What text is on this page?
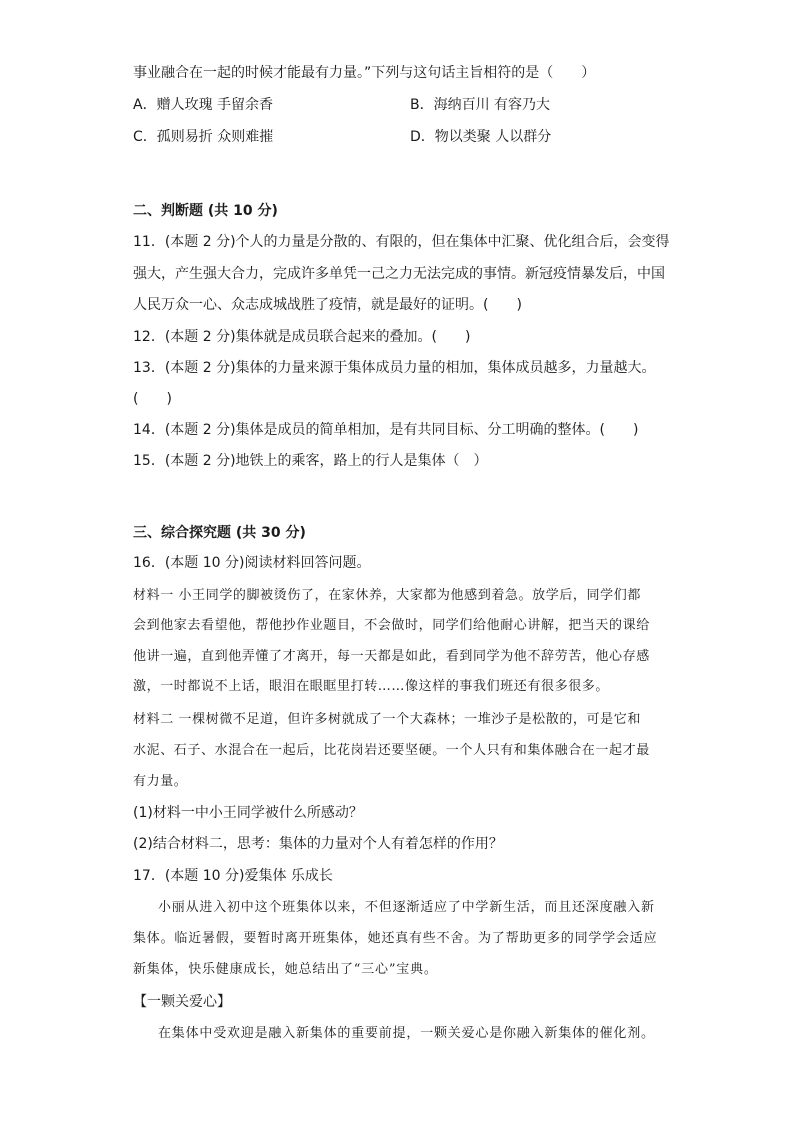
事业融合在一起的时候才能最有力量。”下列与这句话主旨相符的是（　　）
A．赠人玫瑰 手留余香	B．海纳百川 有容乃大
C．孤则易折 众则难摧	D．物以类聚 人以群分
二、判断题 (共 10 分)
11．(本题 2 分)个人的力量是分散的、有限的，但在集体中汇聚、优化组合后，会变得
强大，产生强大合力，完成许多单凭一己之力无法完成的事情。新冠疫情暴发后，中国
人民万众一心、众志成城战胜了疫情，就是最好的证明。(　　)
12．(本题 2 分)集体就是成员联合起来的叠加。(　　)
13．(本题 2 分)集体的力量来源于集体成员力量的相加，集体成员越多，力量越大。
(　　)
14．(本题 2 分)集体是成员的简单相加，是有共同目标、分工明确的整体。(　　)
15．(本题 2 分)地铁上的乘客，路上的行人是集体（　）
三、综合探究题 (共 30 分)
16．(本题 10 分)阅读材料回答问题。
材料一 小王同学的脚被烫伤了，在家休养，大家都为他感到着急。放学后，同学们都
会到他家去看望他，帮他抄作业题目，不会做时，同学们给他耐心讲解，把当天的课给
他讲一遍，直到他弄懂了才离开，每一天都是如此，看到同学为他不辞劳苦，他心存感
激，一时都说不上话，眼泪在眼眶里打转……像这样的事我们班还有很多很多。
材料二 一棵树微不足道，但许多树就成了一个大森林；一堆沙子是松散的，可是它和
水泥、石子、水混合在一起后，比花岗岩还要坚硬。一个人只有和集体融合在一起才最
有力量。
(1)材料一中小王同学被什么所感动？
(2)结合材料二，思考：集体的力量对个人有着怎样的作用？
17．(本题 10 分)爱集体 乐成长
小丽从进入初中这个班集体以来，不但逐渐适应了中学新生活，而且还深度融入新
集体。临近暑假，要暂时离开班集体，她还真有些不舍。为了帮助更多的同学学会适应
新集体，快乐健康成长，她总结出了“三心”宝典。
【一颗关爱心】
在集体中受欢迎是融入新集体的重要前提，一颗关爱心是你融入新集体的催化剂。
